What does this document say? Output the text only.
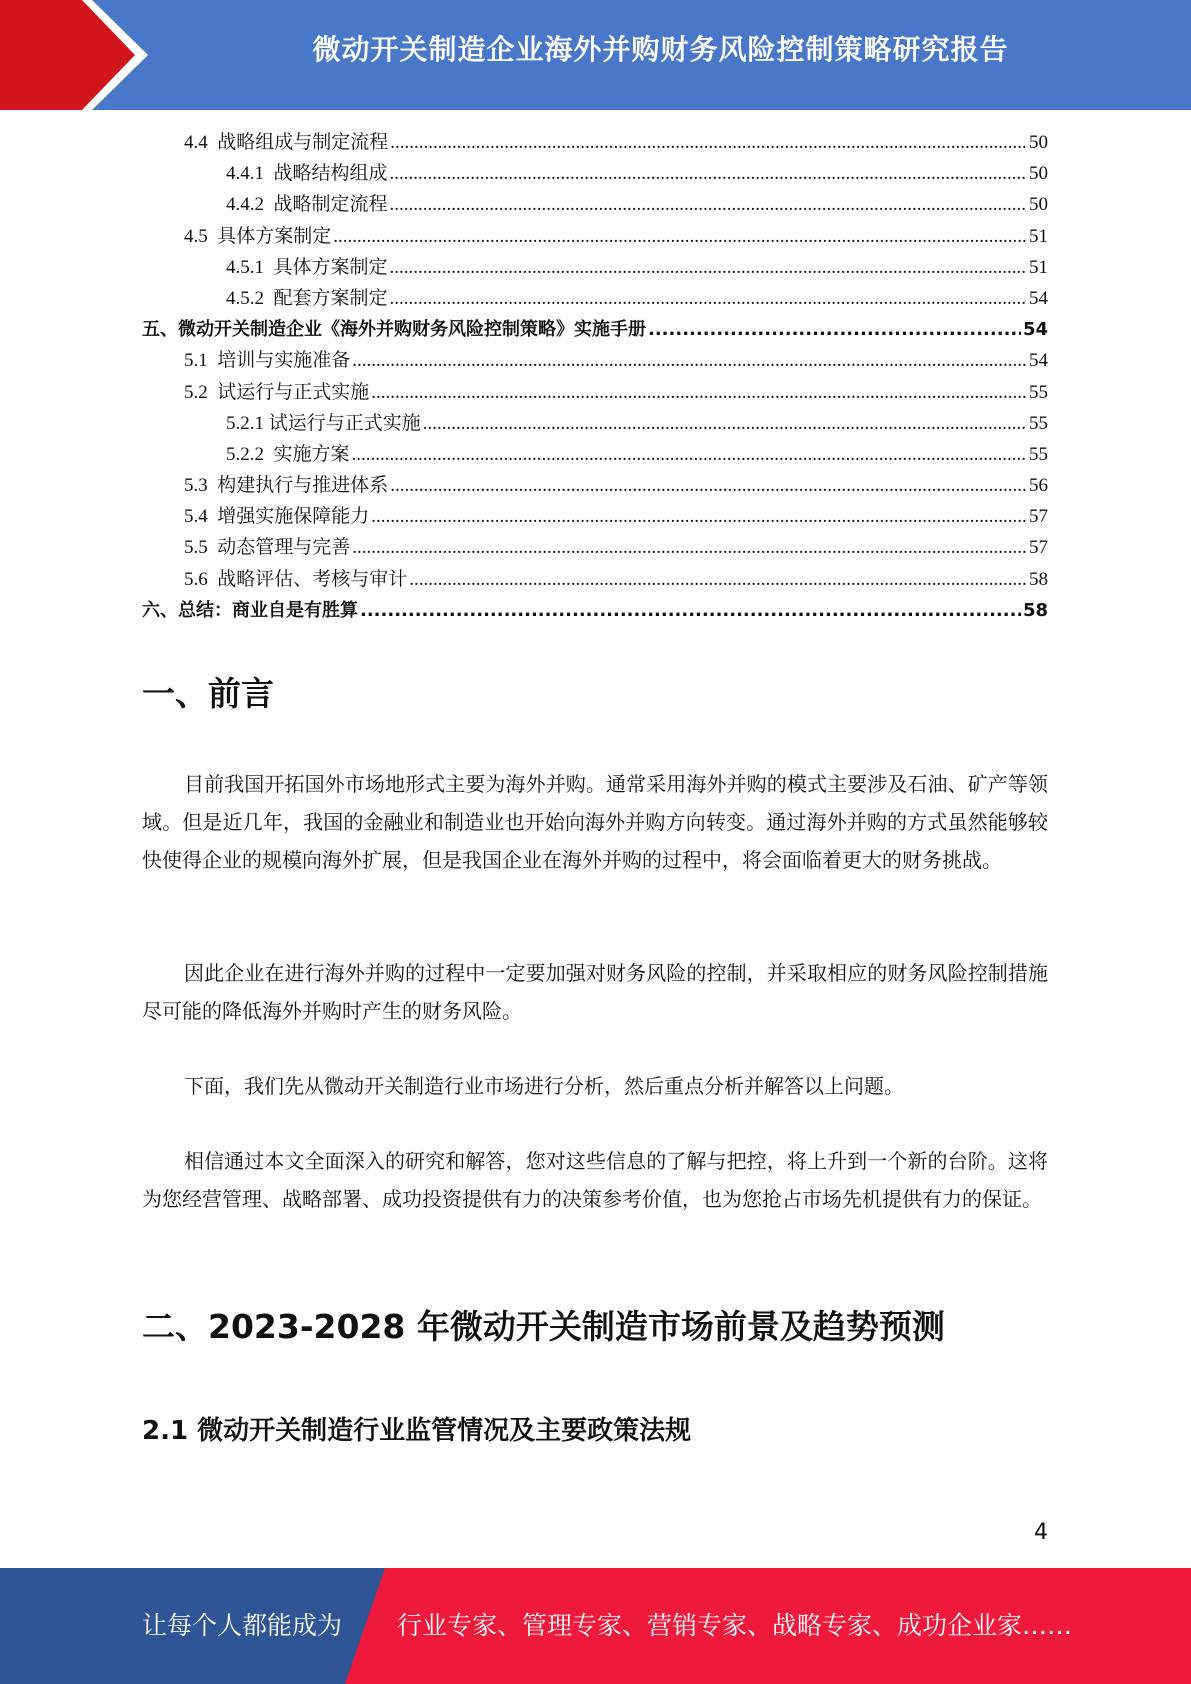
微动开关制造企业海外并购财务风险控制策略研究报告
4.4 战略组成与制定流程 .....	50
4.4.1 战略结构组成 .....	50
4.4.2 战略制定流程 .....	50
4.5 具体方案制定 .....	51
4.5.1 具体方案制定 .....	51
4.5.2 配套方案制定 .....	54
五、微动开关制造企业《海外并购财务风险控制策略》实施手册 .....	54
5.1 培训与实施准备 .....	54
5.2 试运行与正式实施 .....	55
5.2.1 试运行与正式实施 .....	55
5.2.2 实施方案 .....	55
5.3 构建执行与推进体系 .....	56
5.4 增强实施保障能力 .....	57
5.5 动态管理与完善 .....	57
5.6 战略评估、考核与审计 .....	58
六、总结：商业自是有胜算 .....	58
一、前言

目前我国开拓国外市场地形式主要为海外并购。通常采用海外并购的模式主要涉及石油、矿产等领域。但是近几年，我国的金融业和制造业也开始向海外并购方向转变。通过海外并购的方式虽然能够较快使得企业的规模向海外扩展，但是我国企业在海外并购的过程中，将会面临着更大的财务挑战。

因此企业在进行海外并购的过程中一定要加强对财务风险的控制，并采取相应的财务风险控制措施尽可能的降低海外并购时产生的财务风险。

下面，我们先从微动开关制造行业市场进行分析，然后重点分析并解答以上问题。

相信通过本文全面深入的研究和解答，您对这些信息的了解与把控，将上升到一个新的台阶。这将为您经营管理、战略部署、成功投资提供有力的决策参考价值，也为您抢占市场先机提供有力的保证。

二、2023-2028 年微动开关制造市场前景及趋势预测
2.1 微动开关制造行业监管情况及主要政策法规
4
让每个人都能成为 行业专家、管理专家、营销专家、战略专家、成功企业家……
